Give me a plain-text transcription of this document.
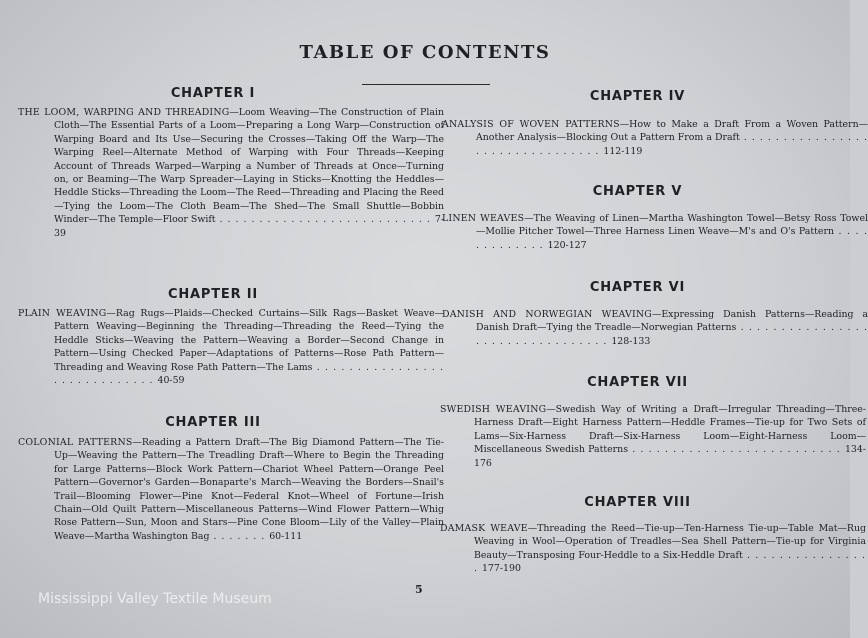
TABLE OF CONTENTS
CHAPTER I

THE LOOM, WARPING AND THREADING—Loom Weaving—The Construction of Plain Cloth—The Essential Parts of a Loom—Preparing a Long Warp—Construction of Warping Board and Its Use—Securing the Crosses—Taking Off the Warp—The Warping Reel—Alternate Method of Warping with Four Threads—Keeping Account of Threads Warped—Warping a Number of Threads at Once—Turning on, or Beaming—The Warp Spreader—Laying in Sticks—Knotting the Heddles—Heddle Sticks—Threading the Loom—The Reed—Threading and Placing the Reed—Tying the Loom—The Cloth Beam—The Shed—The Small Shuttle—Bobbin Winder—The Temple—Floor Swift . . . . . . . . . . . . . . . . . . . . . . . . . . . 7-39

CHAPTER II

PLAIN WEAVING—Rag Rugs—Plaids—Checked Curtains—Silk Rags—Basket Weave—Pattern Weaving—Beginning the Threading—Threading the Reed—Tying the Heddle Sticks—Weaving the Pattern—Weaving a Border—Second Change in Pattern—Using Checked Paper—Adaptations of Patterns—Rose Path Pattern—Threading and Weaving Rose Path Pattern—The Lams . . . . . . . . . . . . . . . . . . . . . . . . . . . . . 40-59

CHAPTER III

COLONIAL PATTERNS—Reading a Pattern Draft—The Big Diamond Pattern—The Tie-Up—Weaving the Pattern—The Treadling Draft—Where to Begin the Threading for Large Patterns—Block Work Pattern—Chariot Wheel Pattern—Orange Peel Pattern—Governor's Garden—Bonaparte's March—Weaving the Borders—Snail's Trail—Blooming Flower—Pine Knot—Federal Knot—Wheel of Fortune—Irish Chain—Old Quilt Pattern—Miscellaneous Patterns—Wind Flower Pattern—Whig Rose Pattern—Sun, Moon and Stars—Pine Cone Bloom—Lily of the Valley—Plain Weave—Martha Washington Bag . . . . . . . 60-111

CHAPTER IV

ANALYSIS OF WOVEN PATTERNS—How to Make a Draft From a Woven Pattern—Another Analysis—Blocking Out a Pattern From a Draft . . . . . . . . . . . . . . . . . . . . . . . . . . . . . . . . 112-119

CHAPTER V

LINEN WEAVES—The Weaving of Linen—Martha Washington Towel—Betsy Ross Towel—Mollie Pitcher Towel—Three Harness Linen Weave—M's and O's Pattern . . . . . . . . . . . . . 120-127

CHAPTER VI

DANISH AND NORWEGIAN WEAVING—Expressing Danish Patterns—Reading a Danish Draft—Tying the Treadle—Norwegian Patterns . . . . . . . . . . . . . . . . . . . . . . . . . . . . . . . . . 128-133

CHAPTER VII

SWEDISH WEAVING—Swedish Way of Writing a Draft—Irregular Threading—Three-Harness Draft—Eight Harness Pattern—Heddle Frames—Tie-up for Two Sets of Lams—Six-Harness Draft—Six-Harness Loom—Eight-Harness Loom—Miscellaneous Swedish Patterns . . . . . . . . . . . . . . . . . . . . . . . . . . 134-176

CHAPTER VIII

DAMASK WEAVE—Threading the Reed—Tie-up—Ten-Harness Tie-up—Table Mat—Rug Weaving in Wool—Operation of Treadles—Sea Shell Pattern—Tie-up for Virginia Beauty—Transposing Four-Heddle to a Six-Heddle Draft . . . . . . . . . . . . . . . . 177-190

5
Mississippi Valley Textile Museum
